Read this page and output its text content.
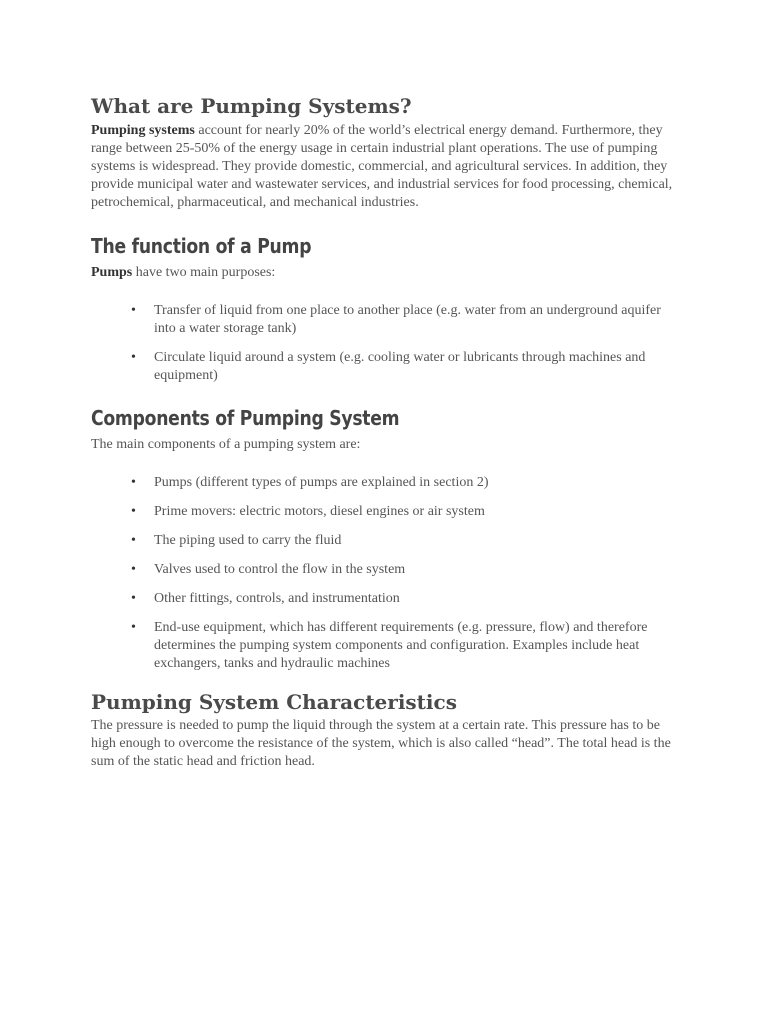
What are Pumping Systems?

Pumping systems account for nearly 20% of the world’s electrical energy demand. Furthermore, they range between 25-50% of the energy usage in certain industrial plant operations. The use of pumping systems is widespread. They provide domestic, commercial, and agricultural services. In addition, they provide municipal water and wastewater services, and industrial services for food processing, chemical, petrochemical, pharmaceutical, and mechanical industries.

The function of a Pump

Pumps have two main purposes:

• Transfer of liquid from one place to another place (e.g. water from an underground aquifer into a water storage tank)
• Circulate liquid around a system (e.g. cooling water or lubricants through machines and equipment)
Components of Pumping System

The main components of a pumping system are:

• Pumps (different types of pumps are explained in section 2)
• Prime movers: electric motors, diesel engines or air system
• The piping used to carry the fluid
• Valves used to control the flow in the system
• Other fittings, controls, and instrumentation
• End-use equipment, which has different requirements (e.g. pressure, flow) and therefore determines the pumping system components and configuration. Examples include heat exchangers, tanks and hydraulic machines
Pumping System Characteristics

The pressure is needed to pump the liquid through the system at a certain rate. This pressure has to be high enough to overcome the resistance of the system, which is also called “head”. The total head is the sum of the static head and friction head.
